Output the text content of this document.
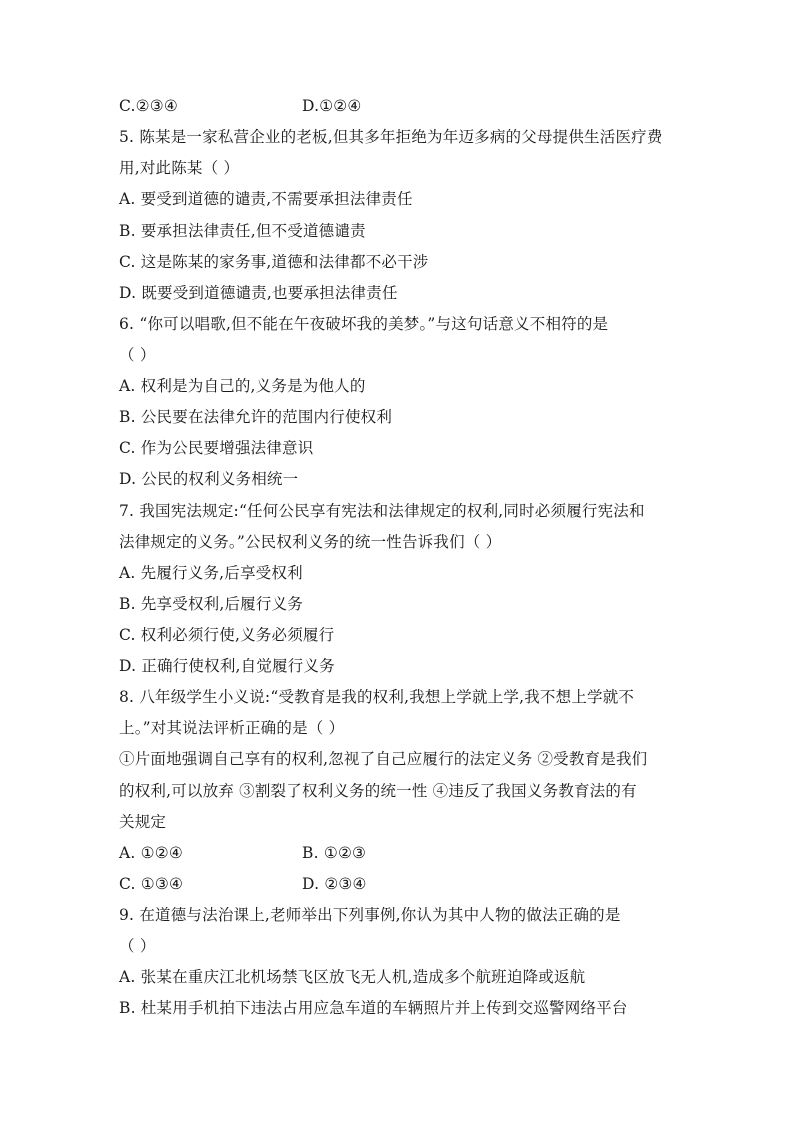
C.②③④	D.①②④
5. 陈某是一家私营企业的老板,但其多年拒绝为年迈多病的父母提供生活医疗费
用,对此陈某（ ）
A. 要受到道德的谴责,不需要承担法律责任
B. 要承担法律责任,但不受道德谴责
C. 这是陈某的家务事,道德和法律都不必干涉
D. 既要受到道德谴责,也要承担法律责任
6. “你可以唱歌,但不能在午夜破坏我的美梦。”与这句话意义不相符的是
（ ）
A. 权利是为自己的,义务是为他人的
B. 公民要在法律允许的范围内行使权利
C. 作为公民要增强法律意识
D. 公民的权利义务相统一
7. 我国宪法规定:“任何公民享有宪法和法律规定的权利,同时必须履行宪法和
法律规定的义务。”公民权利义务的统一性告诉我们（ ）
A. 先履行义务,后享受权利
B. 先享受权利,后履行义务
C. 权利必须行使,义务必须履行
D. 正确行使权利,自觉履行义务
8. 八年级学生小义说:“受教育是我的权利,我想上学就上学,我不想上学就不
上。”对其说法评析正确的是（ ）
①片面地强调自己享有的权利,忽视了自己应履行的法定义务 ②受教育是我们
的权利,可以放弃 ③割裂了权利义务的统一性 ④违反了我国义务教育法的有
关规定
A. ①②④	B. ①②③
C. ①③④	D. ②③④
9. 在道德与法治课上,老师举出下列事例,你认为其中人物的做法正确的是
（ ）
A. 张某在重庆江北机场禁飞区放飞无人机,造成多个航班迫降或返航
B. 杜某用手机拍下违法占用应急车道的车辆照片并上传到交巡警网络平台
